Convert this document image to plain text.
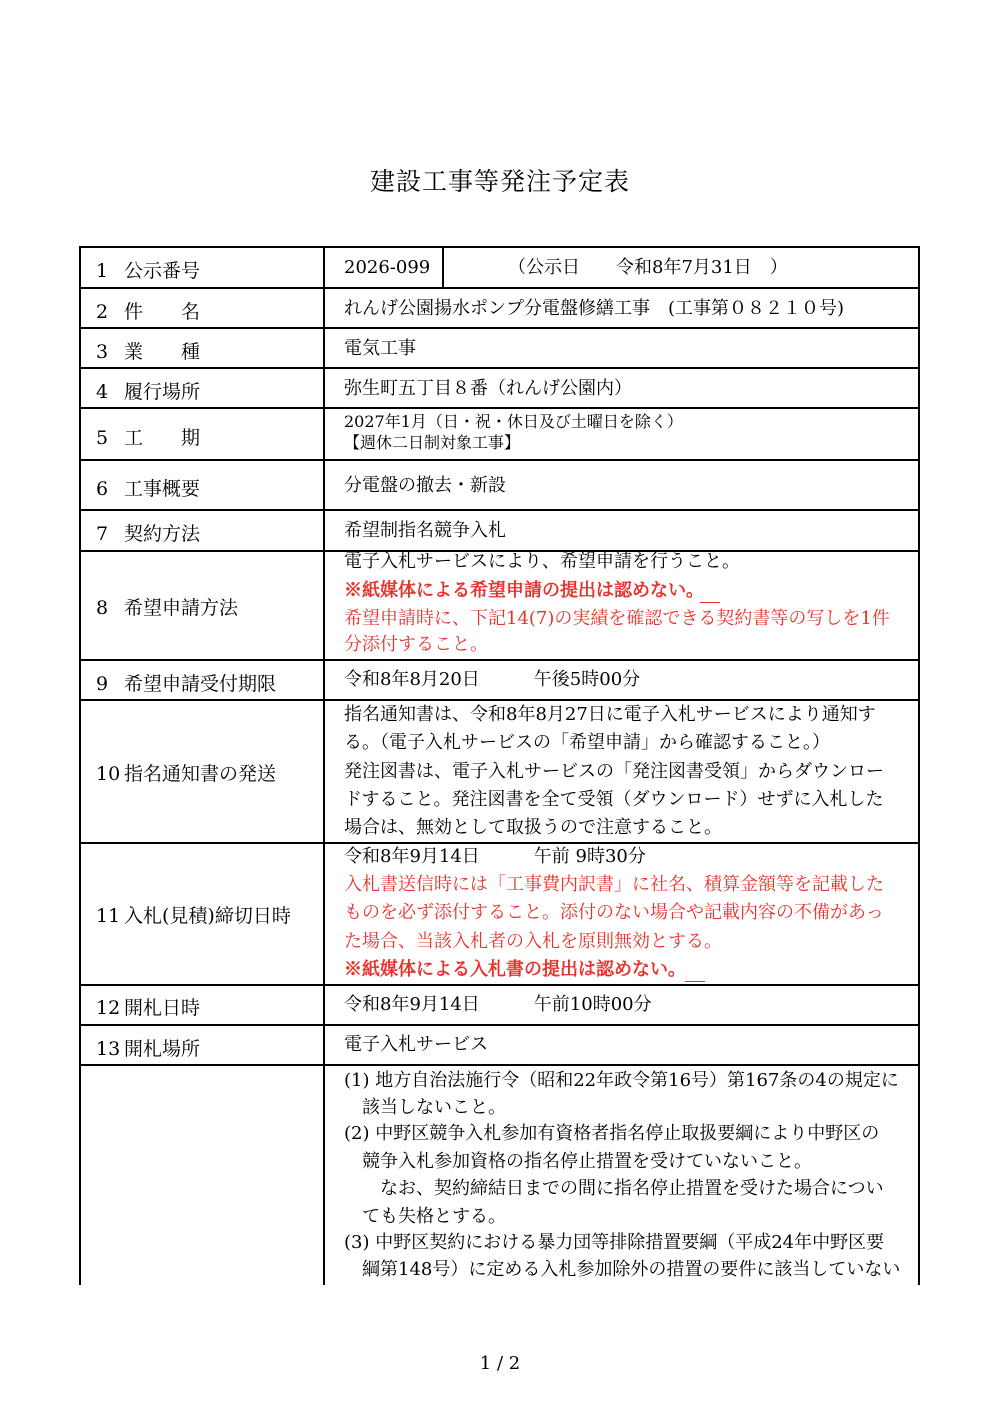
建設工事等発注予定表
1 公示番号
2 件　　名
3 業　　種
4 履行場所
5 工　　期
6 工事概要
7 契約方法
8 希望申請方法
9 希望申請受付期限
10 指名通知書の発送
11 入札(見積)締切日時
12 開札日時
13 開札場所
2026-099	（公示日　　令和8年7月31日　）
れんげ公園揚水ポンプ分電盤修繕工事　(工事第０８２１０号)
電気工事
弥生町五丁目８番（れんげ公園内）
2027年1月（日・祝・休日及び土曜日を除く）
【週休二日制対象工事】
分電盤の撤去・新設
希望制指名競争入札
電子入札サービスにより、希望申請を行うこと。
※紙媒体による希望申請の提出は認めない。
希望申請時に、下記14(7)の実績を確認できる契約書等の写しを1件
分添付すること。
令和8年8月20日　　　午後5時00分
指名通知書は、令和8年8月27日に電子入札サービスにより通知す
る。（電子入札サービスの「希望申請」から確認すること。）
発注図書は、電子入札サービスの「発注図書受領」からダウンロー
ドすること。発注図書を全て受領（ダウンロード）せずに入札した
場合は、無効として取扱うので注意すること。
令和8年9月14日　　　午前 9時30分
入札書送信時には「工事費内訳書」に社名、積算金額等を記載した
ものを必ず添付すること。添付のない場合や記載内容の不備があっ
た場合、当該入札者の入札を原則無効とする。
※紙媒体による入札書の提出は認めない。
令和8年9月14日　　　午前10時00分
電子入札サービス
(1) 地方自治法施行令（昭和22年政令第16号）第167条の4の規定に
該当しないこと。
(2) 中野区競争入札参加有資格者指名停止取扱要綱により中野区の
競争入札参加資格の指名停止措置を受けていないこと。
なお、契約締結日までの間に指名停止措置を受けた場合につい
ても失格とする。
(3) 中野区契約における暴力団等排除措置要綱（平成24年中野区要
綱第148号）に定める入札参加除外の措置の要件に該当していない
1 / 2
